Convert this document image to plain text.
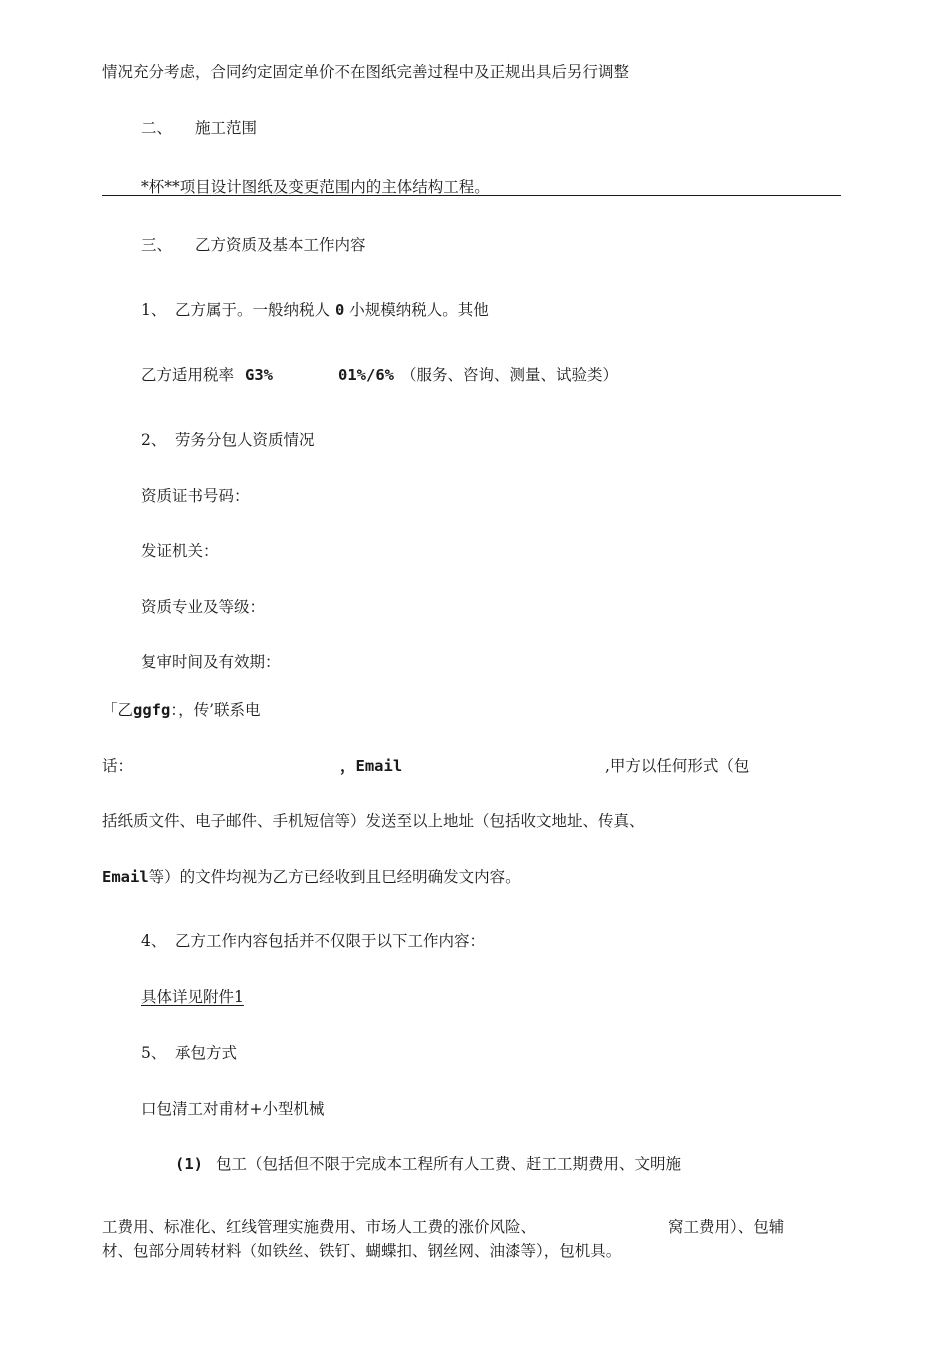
情况充分考虑，合同约定固定单价不在图纸完善过程中及正规出具后另行调整
二、 施工范围
*杯**项目设计图纸及变更范围内的主体结构工程。
三、 乙方资质及基本工作内容
1、 乙方属于。一般纳税人 0 小规模纳税人。其他
乙方适用税率 G3%	01%/6% （服务、咨询、测量、试验类）
2、 劳务分包人资质情况
资质证书号码：
发证机关：
资质专业及等级：
复审时间及有效期：
「乙ggfg：，传’联系电
话：	，Email	,甲方以任何形式（包
括纸质文件、电子邮件、手机短信等）发送至以上地址（包括收文地址、传真、
Email等）的文件均视为乙方已经收到且巳经明确发文内容。
4、 乙方工作内容包括并不仅限于以下工作内容：
具体详见附件1
5、 承包方式
口包清工对甫材+小型机械
(1) 包工（包括但不限于完成本工程所有人工费、赶工工期费用、文明施
工费用、标准化、红线管理实施费用、市场人工费的涨价风险、	窝工费用）、包辅
材、包部分周转材料（如铁丝、铁钉、蝴蝶扣、钢丝网、油漆等），包机具。
